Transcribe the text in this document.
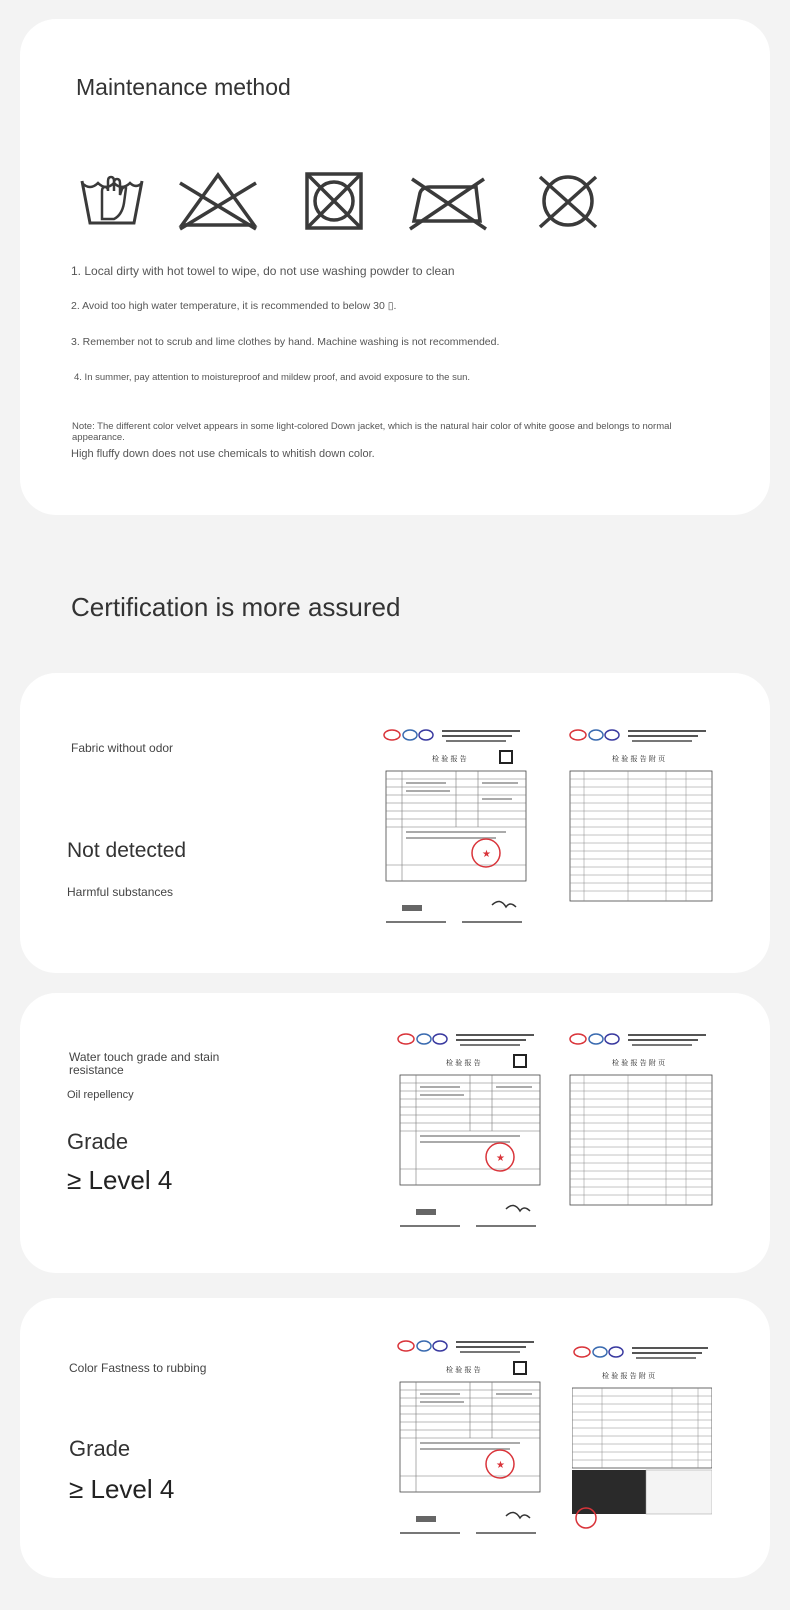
Maintenance method
1. Local dirty with hot towel to wipe, do not use washing powder to clean
2. Avoid too high water temperature, it is recommended to below 30 ▯.
3. Remember not to scrub and lime clothes by hand. Machine washing is not recommended.
4. In summer, pay attention to moistureproof and mildew proof, and avoid exposure to the sun.
Note: The different color velvet appears in some light-colored Down jacket, which is the natural hair color of white goose and belongs to normal appearance.
High fluffy down does not use chemicals to whitish down color.
Certification is more assured
Fabric without odor
Not detected
Harmful substances
检 验 报 告
★
检 验 报 告 附 页
Water touch grade and stain resistance
Oil repellency
Grade
≥ Level 4
检 验 报 告
★
检 验 报 告 附 页
Color Fastness to rubbing
Grade
≥ Level 4
检 验 报 告
★
检 验 报 告 附 页
